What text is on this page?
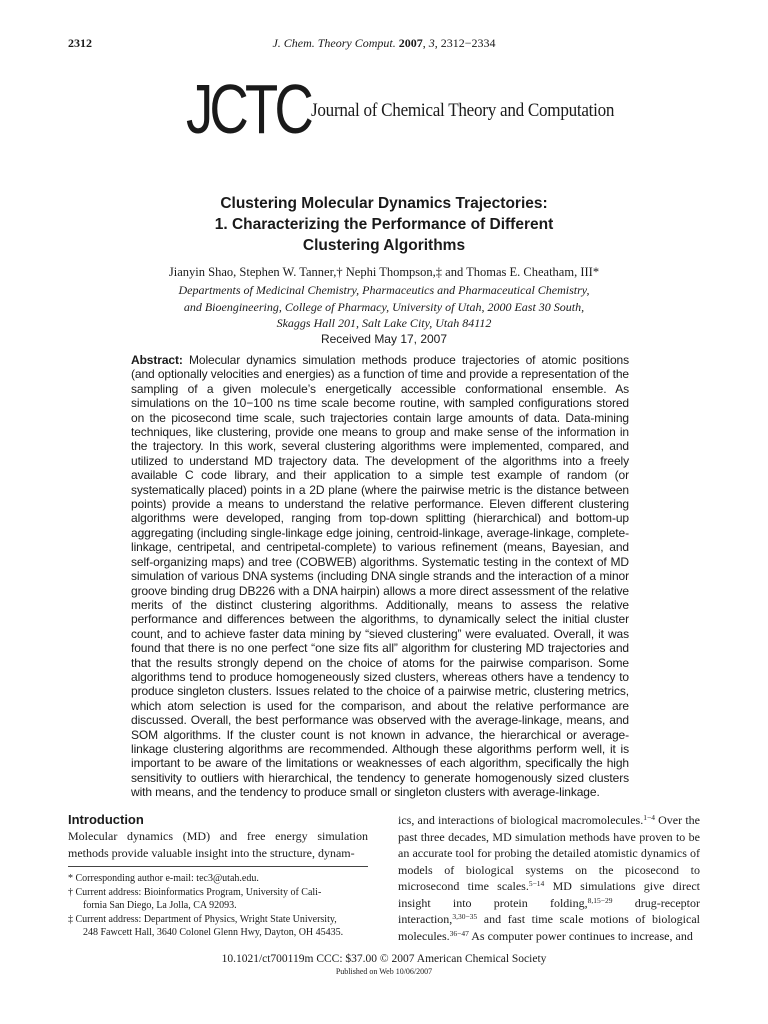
2312	J. Chem. Theory Comput. 2007, 3, 2312−2334
JCTC Journal of Chemical Theory and Computation
Clustering Molecular Dynamics Trajectories:
1. Characterizing the Performance of Different
Clustering Algorithms
Jianyin Shao, Stephen W. Tanner,† Nephi Thompson,‡ and Thomas E. Cheatham, III*
Departments of Medicinal Chemistry, Pharmaceutics and Pharmaceutical Chemistry,
and Bioengineering, College of Pharmacy, University of Utah, 2000 East 30 South,
Skaggs Hall 201, Salt Lake City, Utah 84112
Received May 17, 2007
Abstract: Molecular dynamics simulation methods produce trajectories of atomic positions (and optionally velocities and energies) as a function of time and provide a representation of the sampling of a given molecule’s energetically accessible conformational ensemble. As simulations on the 10−100 ns time scale become routine, with sampled configurations stored on the picosecond time scale, such trajectories contain large amounts of data. Data-mining techniques, like clustering, provide one means to group and make sense of the information in the trajectory. In this work, several clustering algorithms were implemented, compared, and utilized to understand MD trajectory data. The development of the algorithms into a freely available C code library, and their application to a simple test example of random (or systematically placed) points in a 2D plane (where the pairwise metric is the distance between points) provide a means to understand the relative performance. Eleven different clustering algorithms were developed, ranging from top-down splitting (hierarchical) and bottom-up aggregating (including single-linkage edge joining, centroid-linkage, average-linkage, complete-linkage, centripetal, and centripetal-complete) to various refinement (means, Bayesian, and self-organizing maps) and tree (COBWEB) algorithms. Systematic testing in the context of MD simulation of various DNA systems (including DNA single strands and the interaction of a minor groove binding drug DB226 with a DNA hairpin) allows a more direct assessment of the relative merits of the distinct clustering algorithms. Additionally, means to assess the relative performance and differences between the algorithms, to dynamically select the initial cluster count, and to achieve faster data mining by “sieved clustering” were evaluated. Overall, it was found that there is no one perfect “one size fits all” algorithm for clustering MD trajectories and that the results strongly depend on the choice of atoms for the pairwise comparison. Some algorithms tend to produce homogeneously sized clusters, whereas others have a tendency to produce singleton clusters. Issues related to the choice of a pairwise metric, clustering metrics, which atom selection is used for the comparison, and about the relative performance are discussed. Overall, the best performance was observed with the average-linkage, means, and SOM algorithms. If the cluster count is not known in advance, the hierarchical or average-linkage clustering algorithms are recommended. Although these algorithms perform well, it is important to be aware of the limitations or weaknesses of each algorithm, specifically the high sensitivity to outliers with hierarchical, the tendency to generate homogenously sized clusters with means, and the tendency to produce small or singleton clusters with average-linkage.
Introduction
Molecular dynamics (MD) and free energy simulation methods provide valuable insight into the structure, dynam-
ics, and interactions of biological macromolecules.$^{1-4}$ Over the past three decades, MD simulation methods have proven to be an accurate tool for probing the detailed atomistic dynamics of models of biological systems on the picosecond to microsecond time scales.$^{5-14}$ MD simulations give direct insight into protein folding,$^{8,15-29}$ drug-receptor interaction,$^{3,30-35}$ and fast time scale motions of biological molecules.$^{36-47}$ As computer power continues to increase, and
* Corresponding author e-mail: tec3@utah.edu.
† Current address: Bioinformatics Program, University of Cali-
fornia San Diego, La Jolla, CA 92093.
‡ Current address: Department of Physics, Wright State University,
248 Fawcett Hall, 3640 Colonel Glenn Hwy, Dayton, OH 45435.
10.1021/ct700119m CCC: $37.00 © 2007 American Chemical Society
Published on Web 10/06/2007
